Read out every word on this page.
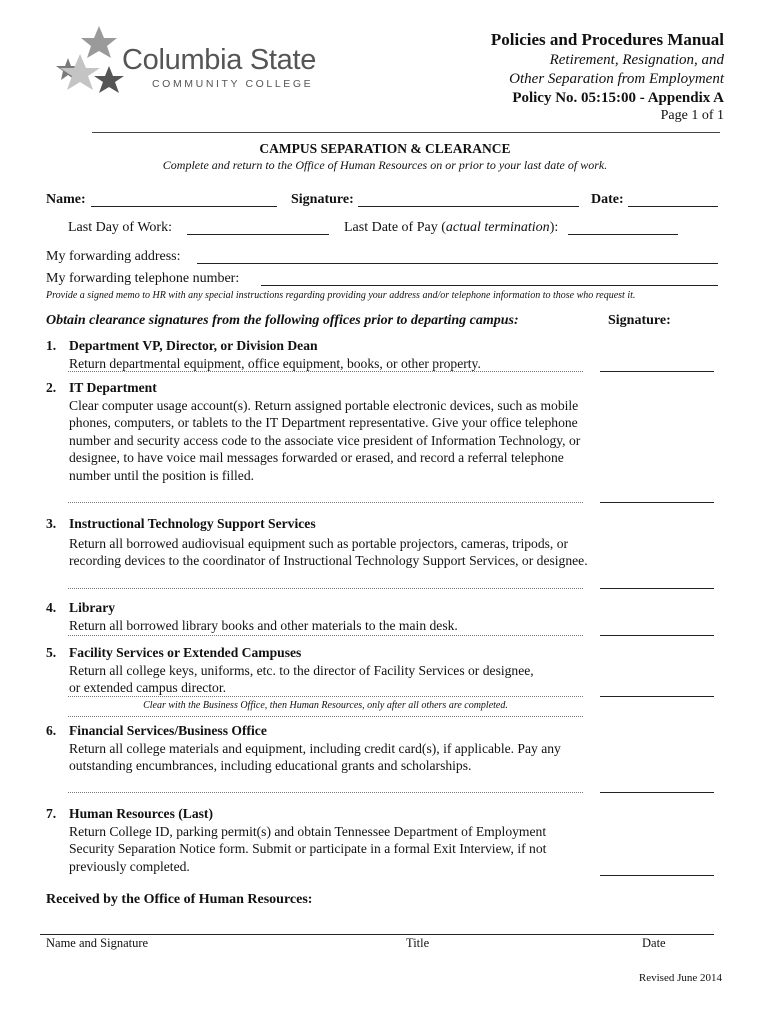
Columbia State
COMMUNITY COLLEGE
Policies and Procedures Manual
Retirement, Resignation, and
Other Separation from Employment
Policy No. 05:15:00 - Appendix A
Page 1 of 1
CAMPUS SEPARATION & CLEARANCE
Complete and return to the Office of Human Resources on or prior to your last date of work.
Name:	Signature:	Date:
Last Day of Work:	Last Date of Pay (actual termination):
My forwarding address:
My forwarding telephone number:
Provide a signed memo to HR with any special instructions regarding providing your address and/or telephone information to those who request it.
Obtain clearance signatures from the following offices prior to departing campus:	Signature:
1. Department VP, Director, or Division Dean
Return departmental equipment, office equipment, books, or other property.
2. IT Department
Clear computer usage account(s). Return assigned portable electronic devices, such as mobile phones, computers, or tablets to the IT Department representative. Give your office telephone number and security access code to the associate vice president of Information Technology, or designee, to have voice mail messages forwarded or erased, and record a referral telephone number until the position is filled.
3. Instructional Technology Support Services
Return all borrowed audiovisual equipment such as portable projectors, cameras, tripods, or recording devices to the coordinator of Instructional Technology Support Services, or designee.
4. Library
Return all borrowed library books and other materials to the main desk.
5. Facility Services or Extended Campuses
Return all college keys, uniforms, etc. to the director of Facility Services or designee, or extended campus director.
Clear with the Business Office, then Human Resources, only after all others are completed.
6. Financial Services/Business Office
Return all college materials and equipment, including credit card(s), if applicable. Pay any outstanding encumbrances, including educational grants and scholarships.
7. Human Resources (Last)
Return College ID, parking permit(s) and obtain Tennessee Department of Employment Security Separation Notice form. Submit or participate in a formal Exit Interview, if not previously completed.
Received by the Office of Human Resources:
Name and Signature	Title	Date
Revised June 2014
